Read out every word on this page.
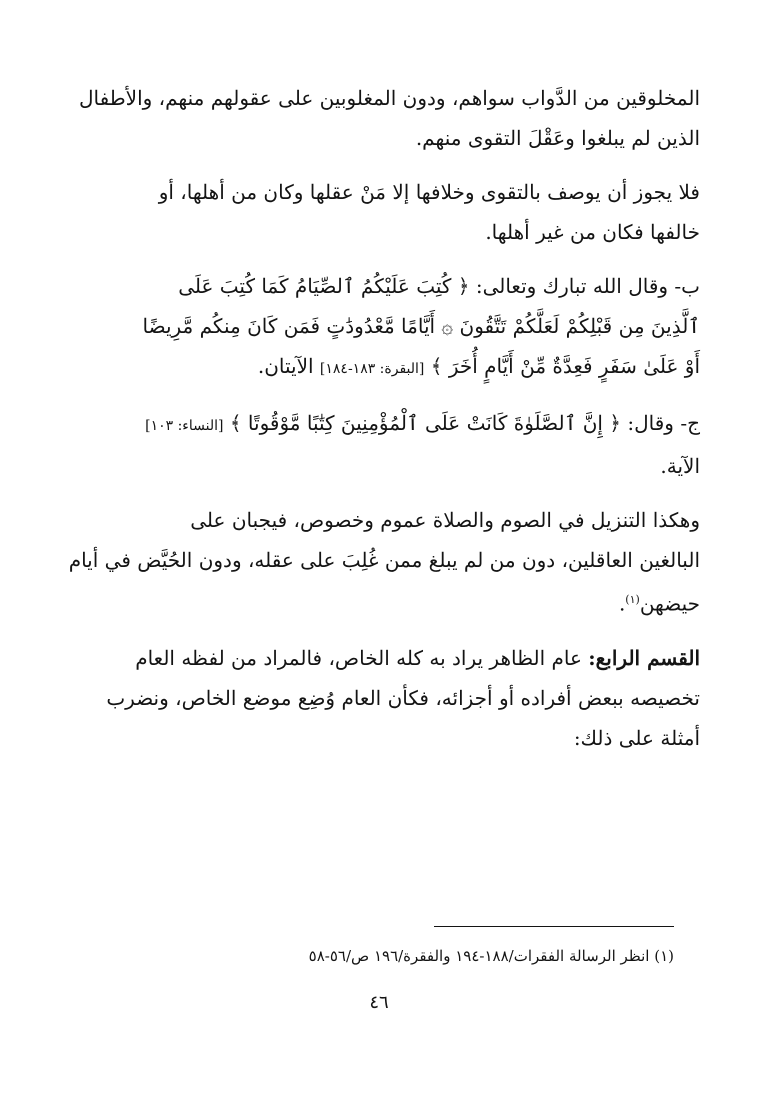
المخلوقين من الدَّواب سواهم، ودون المغلوبين على عقولهم منهم، والأطفال
الذين لم يبلغوا وعَقْلَ التقوى منهم.
فلا يجوز أن يوصف بالتقوى وخلافها إلا مَنْ عقلها وكان من أهلها، أو
خالفها فكان من غير أهلها.
ب- وقال الله تبارك وتعالى: ﴿ كُتِبَ عَلَيْكُمُ ٱلصِّيَامُ كَمَا كُتِبَ عَلَى
ٱلَّذِينَ مِن قَبْلِكُمْ لَعَلَّكُمْ تَتَّقُونَ ۞ أَيَّامًا مَّعْدُودَٰتٍ فَمَن كَانَ مِنكُم مَّرِيضًا
أَوْ عَلَىٰ سَفَرٍ فَعِدَّةٌ مِّنْ أَيَّامٍ أُخَرَ ﴾ [البقرة: ١٨٣-١٨٤] الآيتان.
ج- وقال: ﴿ إِنَّ ٱلصَّلَوٰةَ كَانَتْ عَلَى ٱلْمُؤْمِنِينَ كِتَٰبًا مَّوْقُوتًا ﴾ [النساء: ١٠٣]
الآية.
وهكذا التنزيل في الصوم والصلاة عموم وخصوص، فيجبان على
البالغين العاقلين، دون من لم يبلغ ممن غُلِبَ على عقله، ودون الحُيَّض في أيام
حيضهن$^{(١)}$.
القسم الرابع: عام الظاهر يراد به كله الخاص، فالمراد من لفظه العام
تخصيصه ببعض أفراده أو أجزائه، فكأن العام وُضِع موضع الخاص، ونضرب
أمثلة على ذلك:
(١) انظر الرسالة الفقرات/١٨٨-١٩٤ والفقرة/١٩٦ ص/٥٦-٥٨
٤٦
